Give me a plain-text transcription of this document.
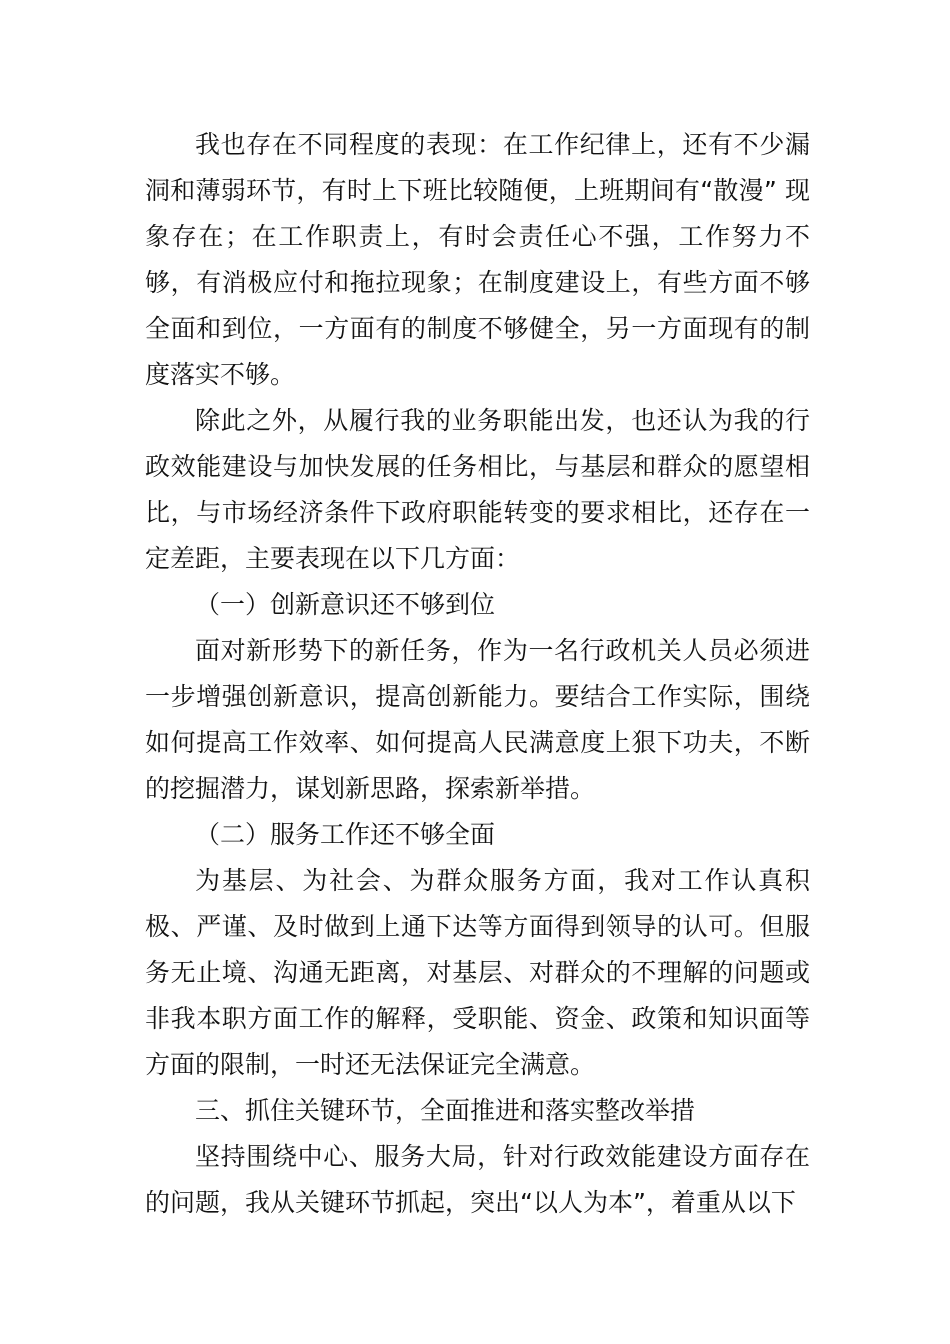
我也存在不同程度的表现：在工作纪律上，还有不少漏洞和薄弱环节，有时上下班比较随便，上班期间有“散漫” 现象存在；在工作职责上，有时会责任心不强，工作努力不够，有消极应付和拖拉现象；在制度建设上，有些方面不够全面和到位，一方面有的制度不够健全，另一方面现有的制度落实不够。

除此之外，从履行我的业务职能出发，也还认为我的行政效能建设与加快发展的任务相比，与基层和群众的愿望相比，与市场经济条件下政府职能转变的要求相比，还存在一定差距，主要表现在以下几方面：

（一）创新意识还不够到位

面对新形势下的新任务，作为一名行政机关人员必须进一步增强创新意识，提高创新能力。要结合工作实际，围绕如何提高工作效率、如何提高人民满意度上狠下功夫，不断的挖掘潜力，谋划新思路，探索新举措。

（二）服务工作还不够全面

为基层、为社会、为群众服务方面，我对工作认真积极、严谨、及时做到上通下达等方面得到领导的认可。但服务无止境、沟通无距离，对基层、对群众的不理解的问题或非我本职方面工作的解释，受职能、资金、政策和知识面等方面的限制，一时还无法保证完全满意。

三、抓住关键环节，全面推进和落实整改举措

坚持围绕中心、服务大局，针对行政效能建设方面存在的问题，我从关键环节抓起，突出“以人为本”，着重从以下
